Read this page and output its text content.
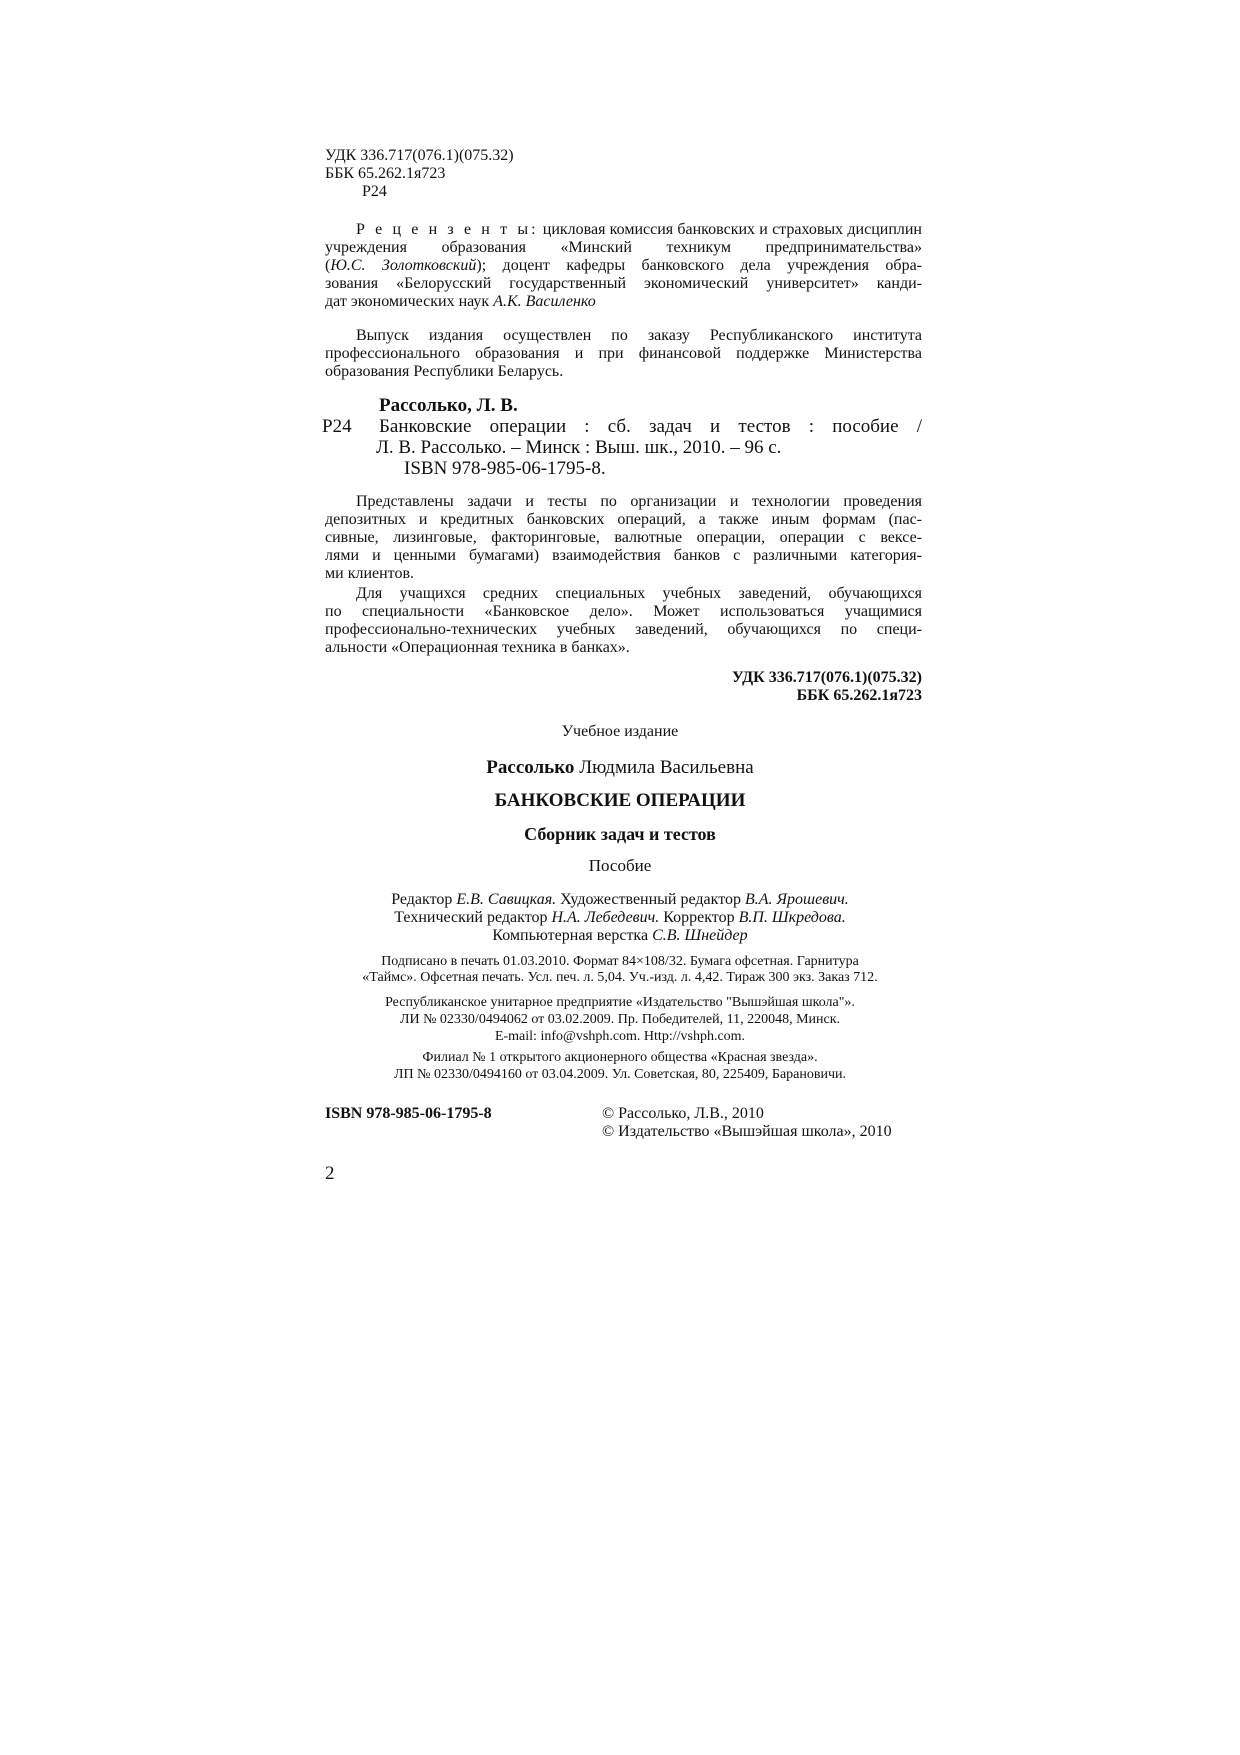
УДК 336.717(076.1)(075.32)
ББК 65.262.1я723
Р24
Р е ц е н з е н т ы: цикловая комиссия банковских и страховых дисциплин
учреждения образования «Минский техникум предпринимательства»
(Ю.С. Золотковский); доцент кафедры банковского дела учреждения обра-
зования «Белорусский государственный экономический университет» канди-
дат экономических наук А.К. Василенко
Выпуск издания осуществлен по заказу Республиканского института
профессионального образования и при финансовой поддержке Министерства
образования Республики Беларусь.
Рассолько, Л. В.
Р24 Банковские операции : сб. задач и тестов : пособие /
Л. В. Рассолько. – Минск : Выш. шк., 2010. – 96 с.
ISBN 978-985-06-1795-8.
Представлены задачи и тесты по организации и технологии проведения
депозитных и кредитных банковских операций, а также иным формам (пас-
сивные, лизинговые, факторинговые, валютные операции, операции с вексе-
лями и ценными бумагами) взаимодействия банков с различными категория-
ми клиентов.
Для учащихся средних специальных учебных заведений, обучающихся
по специальности «Банковское дело». Может использоваться учащимися
профессионально-технических учебных заведений, обучающихся по специ-
альности «Операционная техника в банках».
УДК 336.717(076.1)(075.32)
ББК 65.262.1я723
Учебное издание
Рассолько Людмила Васильевна
БАНКОВСКИЕ ОПЕРАЦИИ
Сборник задач и тестов
Пособие
Редактор Е.В. Савицкая. Художественный редактор В.А. Ярошевич.
Технический редактор Н.А. Лебедевич. Корректор В.П. Шкредова.
Компьютерная верстка С.В. Шнейдер
Подписано в печать 01.03.2010. Формат 84×108/32. Бумага офсетная. Гарнитура
«Таймс». Офсетная печать. Усл. печ. л. 5,04. Уч.-изд. л. 4,42. Тираж 300 экз. Заказ 712.
Республиканское унитарное предприятие «Издательство "Вышэйшая школа"».
ЛИ № 02330/0494062 от 03.02.2009. Пр. Победителей, 11, 220048, Минск.
E-mail: info@vshph.com. Http://vshph.com.
Филиал № 1 открытого акционерного общества «Красная звезда».
ЛП № 02330/0494160 от 03.04.2009. Ул. Советская, 80, 225409, Барановичи.
ISBN 978-985-06-1795-8	© Рассолько, Л.В., 2010
© Издательство «Вышэйшая школа», 2010
2
